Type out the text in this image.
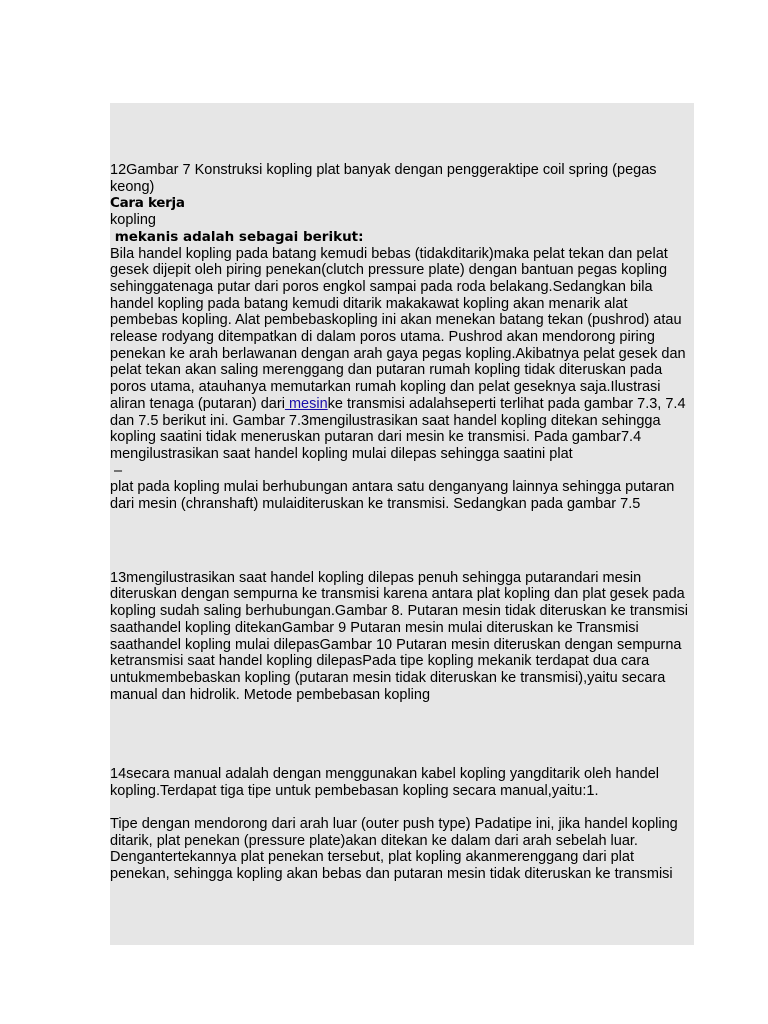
12Gambar 7 Konstruksi kopling plat banyak dengan penggeraktipe coil spring (pegas keong)

Cara kerja

kopling

mekanis adalah sebagai berikut:

Bila handel kopling pada batang kemudi bebas (tidakditarik)maka pelat tekan dan pelat gesek dijepit oleh piring penekan(clutch pressure plate) dengan bantuan pegas kopling sehinggatenaga putar dari poros engkol sampai pada roda belakang.Sedangkan bila handel kopling pada batang kemudi ditarik makakawat kopling akan menarik alat pembebas kopling. Alat pembebaskopling ini akan menekan batang tekan (pushrod) atau release rodyang ditempatkan di dalam poros utama. Pushrod akan mendorong piring penekan ke arah berlawanan dengan arah gaya pegas kopling.Akibatnya pelat gesek dan pelat tekan akan saling merenggang dan putaran rumah kopling tidak diteruskan pada poros utama, atauhanya memutarkan rumah kopling dan pelat geseknya saja.Ilustrasi aliran tenaga (putaran) dari mesinke transmisi adalahseperti terlihat pada gambar 7.3, 7.4 dan 7.5 berikut ini. Gambar 7.3mengilustrasikan saat handel kopling ditekan sehingga kopling saatini tidak meneruskan putaran dari mesin ke transmisi. Pada gambar7.4 mengilustrasikan saat handel kopling mulai dilepas sehingga saatini plat

–

plat pada kopling mulai berhubungan antara satu denganyang lainnya sehingga putaran dari mesin (chranshaft) mulaiditeruskan ke transmisi. Sedangkan pada gambar 7.5

13mengilustrasikan saat handel kopling dilepas penuh sehingga putarandari mesin diteruskan dengan sempurna ke transmisi karena antara plat kopling dan plat gesek pada kopling sudah saling berhubungan.Gambar 8. Putaran mesin tidak diteruskan ke transmisi saathandel kopling ditekanGambar 9 Putaran mesin mulai diteruskan ke Transmisi saathandel kopling mulai dilepasGambar 10 Putaran mesin diteruskan dengan sempurna ketransmisi saat handel kopling dilepasPada tipe kopling mekanik terdapat dua cara untukmembebaskan kopling (putaran mesin tidak diteruskan ke transmisi),yaitu secara manual dan hidrolik. Metode pembebasan kopling

14secara manual adalah dengan menggunakan kabel kopling yangditarik oleh handel kopling.Terdapat tiga tipe untuk pembebasan kopling secara manual,yaitu:1.

Tipe dengan mendorong dari arah luar (outer push type) Padatipe ini, jika handel kopling ditarik, plat penekan (pressure plate)akan ditekan ke dalam dari arah sebelah luar. Dengantertekannya plat penekan tersebut, plat kopling akanmerenggang dari plat penekan, sehingga kopling akan bebas dan putaran mesin tidak diteruskan ke transmisi
